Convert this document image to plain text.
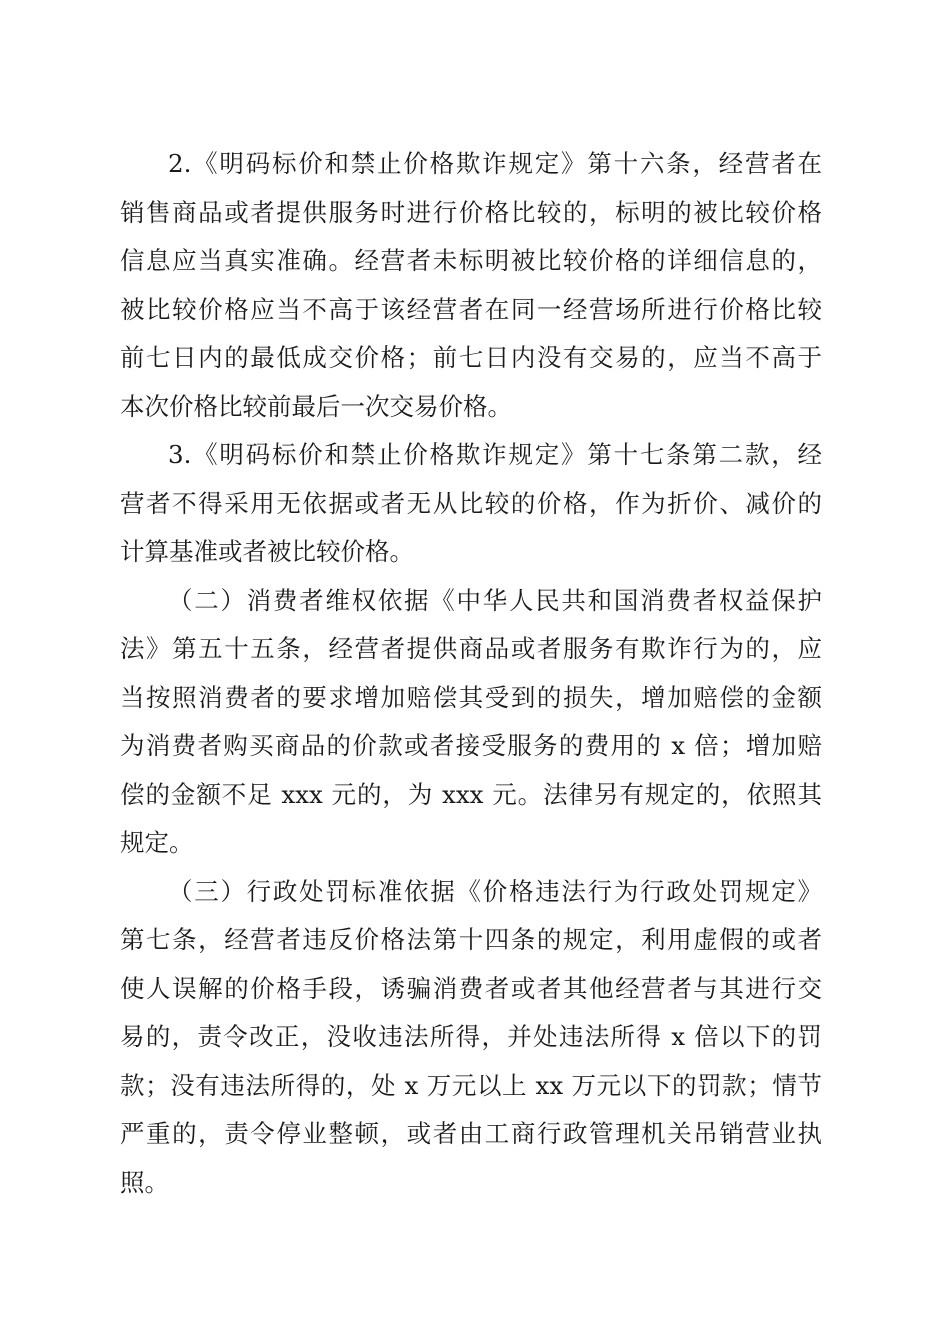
2.《明码标价和禁止价格欺诈规定》第十六条，经营者在
销售商品或者提供服务时进行价格比较的，标明的被比较价格
信息应当真实准确。经营者未标明被比较价格的详细信息的，
被比较价格应当不高于该经营者在同一经营场所进行价格比较
前七日内的最低成交价格；前七日内没有交易的，应当不高于
本次价格比较前最后一次交易价格。
3.《明码标价和禁止价格欺诈规定》第十七条第二款，经
营者不得采用无依据或者无从比较的价格，作为折价、减价的
计算基准或者被比较价格。
（二）消费者维权依据《中华人民共和国消费者权益保护
法》第五十五条，经营者提供商品或者服务有欺诈行为的，应
当按照消费者的要求增加赔偿其受到的损失，增加赔偿的金额
为消费者购买商品的价款或者接受服务的费用的 x 倍；增加赔
偿的金额不足 xxx 元的，为 xxx 元。法律另有规定的，依照其
规定。
（三）行政处罚标准依据《价格违法行为行政处罚规定》
第七条，经营者违反价格法第十四条的规定，利用虚假的或者
使人误解的价格手段，诱骗消费者或者其他经营者与其进行交
易的，责令改正，没收违法所得，并处违法所得 x 倍以下的罚
款；没有违法所得的，处 x 万元以上 xx 万元以下的罚款；情节
严重的，责令停业整顿，或者由工商行政管理机关吊销营业执
照。
